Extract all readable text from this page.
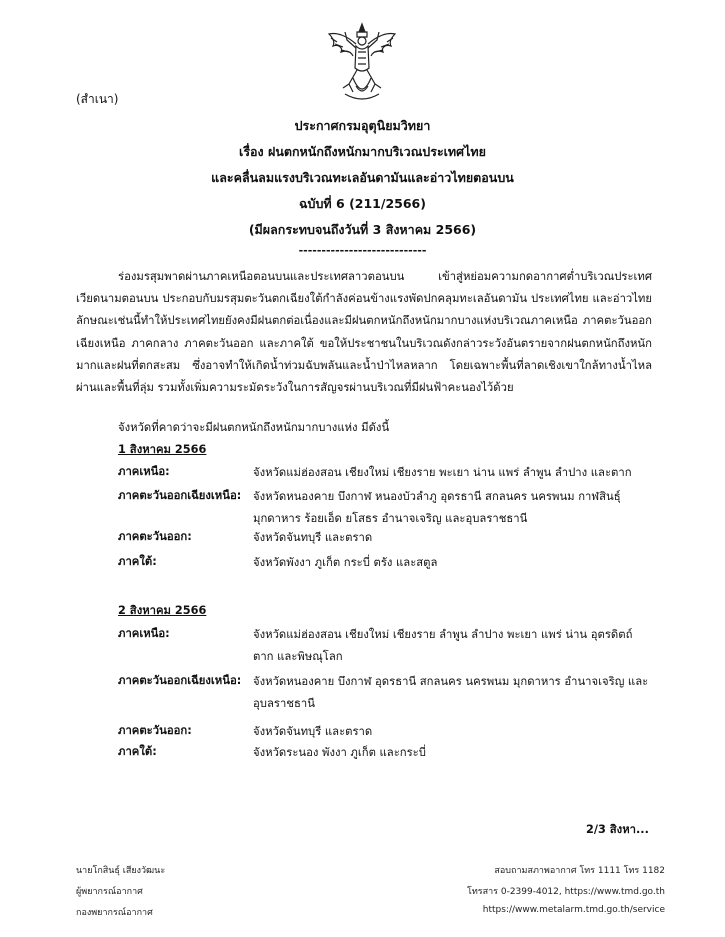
(สำเนา)
ประกาศกรมอุตุนิยมวิทยา
เรื่อง ฝนตกหนักถึงหนักมากบริเวณประเทศไทย
และคลื่นลมแรงบริเวณทะเลอันดามันและอ่าวไทยตอนบน
ฉบับที่ 6 (211/2566)
(มีผลกระทบจนถึงวันที่ 3 สิงหาคม 2566)
----------------------------
ร่องมรสุมพาดผ่านภาคเหนือตอนบนและประเทศลาวตอนบน เข้าสู่หย่อมความกดอากาศต่ำบริเวณประเทศเวียดนามตอนบน ประกอบกับมรสุมตะวันตกเฉียงใต้กำลังค่อนข้างแรงพัดปกคลุมทะเลอันดามัน ประเทศไทย และอ่าวไทย ลักษณะเช่นนี้ทำให้ประเทศไทยยังคงมีฝนตกต่อเนื่องและมีฝนตกหนักถึงหนักมากบางแห่งบริเวณภาคเหนือ ภาคตะวันออกเฉียงเหนือ ภาคกลาง ภาคตะวันออก และภาคใต้ ขอให้ประชาชนในบริเวณดังกล่าวระวังอันตรายจากฝนตกหนักถึงหนักมากและฝนที่ตกสะสม ซึ่งอาจทำให้เกิดน้ำท่วมฉับพลันและน้ำป่าไหลหลาก โดยเฉพาะพื้นที่ลาดเชิงเขาใกล้ทางน้ำไหลผ่านและพื้นที่ลุ่ม รวมทั้งเพิ่มความระมัดระวังในการสัญจรผ่านบริเวณที่มีฝนฟ้าคะนองไว้ด้วย
จังหวัดที่คาดว่าจะมีฝนตกหนักถึงหนักมากบางแห่ง มีดังนี้
1 สิงหาคม 2566
ภาคเหนือ:	จังหวัดแม่ฮ่องสอน เชียงใหม่ เชียงราย พะเยา น่าน แพร่ ลำพูน ลำปาง และตาก
ภาคตะวันออกเฉียงเหนือ: จังหวัดหนองคาย บึงกาฬ หนองบัวลำภู อุดรธานี สกลนคร นครพนม กาฬสินธุ์ มุกดาหาร ร้อยเอ็ด ยโสธร อำนาจเจริญ และอุบลราชธานี
ภาคตะวันออก:	จังหวัดจันทบุรี และตราด
ภาคใต้:	จังหวัดพังงา ภูเก็ต กระบี่ ตรัง และสตูล
2 สิงหาคม 2566
ภาคเหนือ:	จังหวัดแม่ฮ่องสอน เชียงใหม่ เชียงราย ลำพูน ลำปาง พะเยา แพร่ น่าน อุตรดิตถ์ ตาก และพิษณุโลก
ภาคตะวันออกเฉียงเหนือ: จังหวัดหนองคาย บึงกาฬ อุดรธานี สกลนคร นครพนม มุกดาหาร อำนาจเจริญ และอุบลราชธานี
ภาคตะวันออก:	จังหวัดจันทบุรี และตราด
ภาคใต้:	จังหวัดระนอง พังงา ภูเก็ต และกระบี่
2/3 สิงหา...
นายโกสินธุ์ เสียงวัฒนะ
ผู้พยากรณ์อากาศ
กองพยากรณ์อากาศ
สอบถามสภาพอากาศ โทร 1111 โทร 1182
โทรสาร 0-2399-4012, https://www.tmd.go.th
https://www.metalarm.tmd.go.th/service
